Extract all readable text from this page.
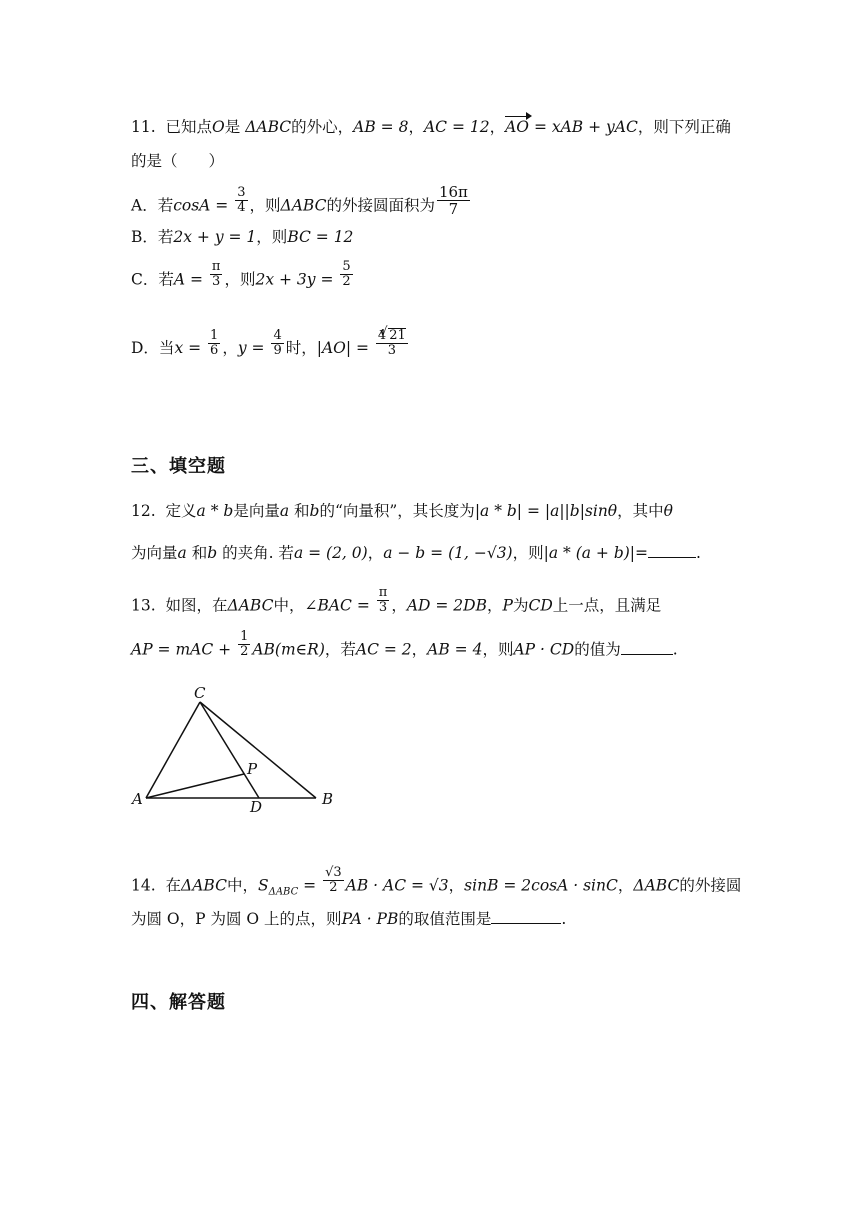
11. 已知点O是 ΔABC的外心，AB = 8，AC = 12，AO = xAB + yAC，则下列正确
的是（　　）
A．若$\cos A = \frac{3}{4}$ ，则ΔABC的外接圆面积为 $\frac{16\pi}{7}$
B．若2x + y = 1，则BC = 12
C．若$A = \frac{\pi}{3}$ ，则$2x + 3y = \frac{5}{2}$
D．当$x = \frac{1}{6}$ ，$y = \frac{4}{9}$ 时，$|AO| = \frac{4√ 21}{3}$
三、填空题
12. 定义a * b是向量a 和b的“向量积”，其长度为|a * b| = |a||b|sinθ，其中θ
为向量a 和b 的夹角. 若a = (2, 0)，a − b = (1, −√3)，则|a * (a + b)|=	.
13. 如图，在ΔABC中，∠BAC = $\frac{\pi}{3}$ ，AD = 2DB，P为CD上一点，且满足
AP = mAC + $\frac{1}{2}$ AB(m∈R)，若AC = 2，AB = 4，则AP · CD的值为	.
C
A	B
D
P
14. 在ΔABC中，$S_{\Delta ABC} = \frac{√3}{2}$ AB · AC = √3，sinB = 2cosA · sinC，ΔABC的外接圆
为圆 O，P 为圆 O 上的点，则PA · PB的取值范围是	.
四、解答题
